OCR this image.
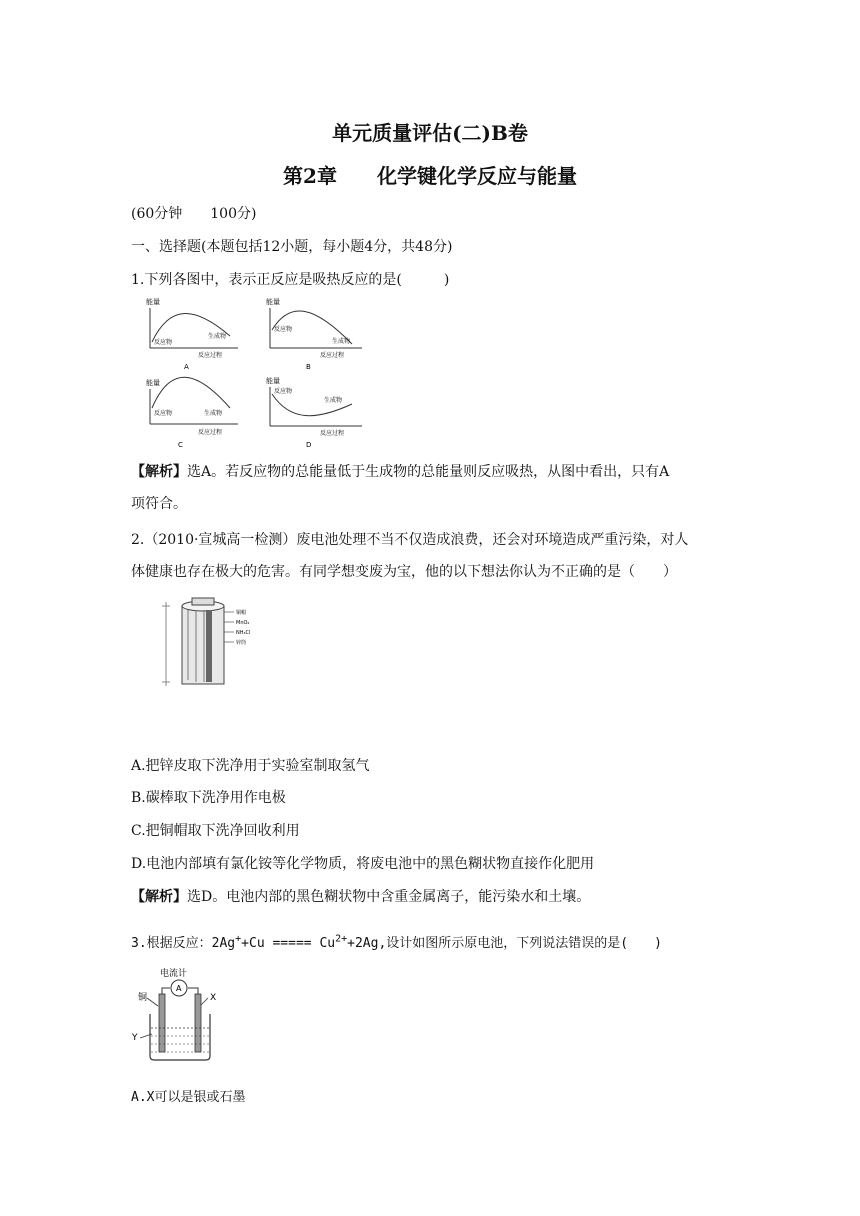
单元质量评估(二)B卷
第2章　　化学键化学反应与能量
(60分钟　　100分)
一、选择题(本题包括12小题，每小题4分，共48分)
1.下列各图中，表示正反应是吸热反应的是(　　　)
能量
反应物
生成物
反应过程
A
能量
反应物
生成物
反应过程
B
能量
反应物	生成物
反应过程
C
能量
反应物
生成物
反应过程
D
【解析】选A。若反应物的总能量低于生成物的总能量则反应吸热，从图中看出，只有A
项符合。
2.（2010·宣城高一检测）废电池处理不当不仅造成浪费，还会对环境造成严重污染，对人
体健康也存在极大的危害。有同学想变废为宝，他的以下想法你认为不正确的是（　　）
铜帽
MnO₂
NH₄Cl
锌筒
A.把锌皮取下洗净用于实验室制取氢气
B.碳棒取下洗净用作电极
C.把铜帽取下洗净回收利用
D.电池内部填有氯化铵等化学物质，将废电池中的黑色糊状物直接作化肥用
【解析】选D。电池内部的黑色糊状物中含重金属离子，能污染水和土壤。
3.根据反应：2Ag++Cu ===== $Cu^{2+}+2Ag$,设计如图所示原电池，下列说法错误的是(　　)
电流计
A
铜	X
Y
A.X可以是银或石墨
